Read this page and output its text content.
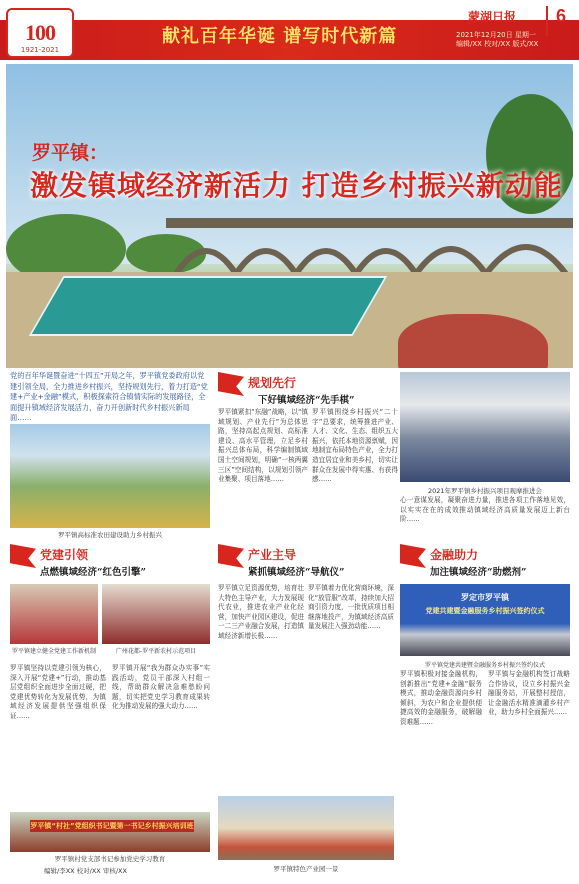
100
1921-2021
献礼百年华诞 谱写时代新篇
蒙湖日报	6
2021年12月20日 星期一
编辑/XX 校对/XX 版式/XX
罗平镇：
激发镇域经济新活力 打造乡村振兴新动能
党的百年华诞暨奋进“十四五”开局之年，罗平镇党委政府以党建引领全局，全力推进乡村振兴，坚持规划先行，着力打造“党建+产业+金融”模式，积极探索符合镇情实际的发展路径，全面提升镇域经济发展活力，奋力开创新时代乡村振兴新局面……
罗平镇高标准农田建设助力乡村振兴
规划先行
下好镇域经济“先手棋”
罗平镇紧扣“东融”战略，以“镇域规划、产业先行”为总体思路，坚持高起点规划、高标准建设、高水平管理，立足乡村振兴总体布局，科学编制镇域国土空间规划，明确“一核两翼三区”空间结构，以规划引领产业集聚、项目落地……
罗平镇围绕乡村振兴“二十字”总要求，统筹推进产业、人才、文化、生态、组织五大振兴，依托本地资源禀赋，因地制宜布局特色产业，全力打造宜居宜业和美乡村，切实让群众在发展中得实惠、有获得感……
2021年罗平镇乡村振兴项目观摩推进会
心一意谋发展，凝聚奋进力量，推进各项工作落地见效，以实实在在的成效推动镇域经济高质量发展迈上新台阶……
党建引领
点燃镇域经济“红色引擎”
罗平镇建立健全党建工作新机制	广州花都-罗平新农村示范项目
罗平镇坚持以党建引领为核心，深入开展“党建+”行动，推动基层党组织全面进步全面过硬，把党建优势转化为发展优势，为镇域经济发展提供坚强组织保证……
罗平镇开展“我为群众办实事”实践活动，党员干部深入村组一线，帮助群众解决急难愁盼问题，切实把党史学习教育成果转化为推动发展的强大动力……
罗平镇“村社”党组织书记暨第一书记乡村振兴培训班
罗平镇村党支部书记参加党史学习教育
产业主导
紧抓镇域经济“导航仪”
罗平镇立足资源优势，培育壮大特色主导产业，大力发展现代农业，推进农业产业化经营，加快产业园区建设，促进一二三产业融合发展，打造镇域经济新增长极……
罗平镇着力优化营商环境，深化“放管服”改革，持续加大招商引资力度，一批优质项目相继落地投产，为镇域经济高质量发展注入强劲动能……
罗平镇特色产业园一景
金融助力
加注镇域经济“助燃剂”
罗定市罗平镇
党建共建暨金融服务乡村振兴签约仪式
罗平镇党建共建暨金融服务乡村振兴签约仪式
罗平镇积极对接金融机构，创新推出“党建+金融”服务模式，推动金融资源向乡村倾斜，为农户和企业提供便捷高效的金融服务，破解融资难题……
罗平镇与金融机构签订战略合作协议，设立乡村振兴金融服务站，开展整村授信，让金融活水精准滴灌乡村产业，助力乡村全面振兴……
编辑/李XX 校对/XX 审核/XX
